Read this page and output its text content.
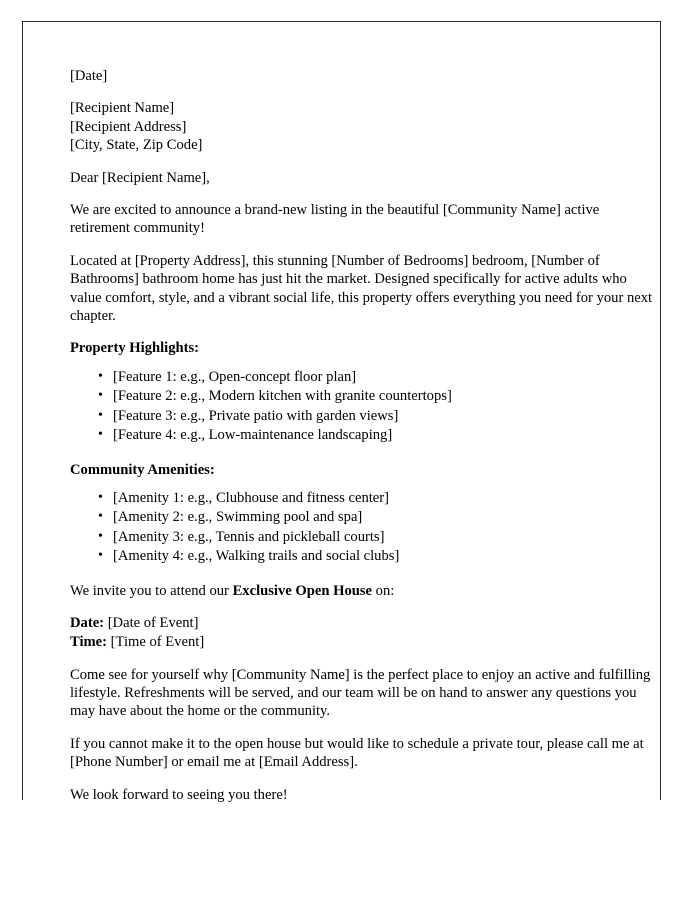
[Date]

[Recipient Name]
[Recipient Address]
[City, State, Zip Code]

Dear [Recipient Name],

We are excited to announce a brand-new listing in the beautiful [Community Name] active retirement community!

Located at [Property Address], this stunning [Number of Bedrooms] bedroom, [Number of Bathrooms] bathroom home has just hit the market. Designed specifically for active adults who value comfort, style, and a vibrant social life, this property offers everything you need for your next chapter.

Property Highlights:
• [Feature 1: e.g., Open-concept floor plan]
• [Feature 2: e.g., Modern kitchen with granite countertops]
• [Feature 3: e.g., Private patio with garden views]
• [Feature 4: e.g., Low-maintenance landscaping]
Community Amenities:
• [Amenity 1: e.g., Clubhouse and fitness center]
• [Amenity 2: e.g., Swimming pool and spa]
• [Amenity 3: e.g., Tennis and pickleball courts]
• [Amenity 4: e.g., Walking trails and social clubs]

We invite you to attend our Exclusive Open House on:

Date: [Date of Event]
Time: [Time of Event]

Come see for yourself why [Community Name] is the perfect place to enjoy an active and fulfilling lifestyle. Refreshments will be served, and our team will be on hand to answer any questions you may have about the home or the community.

If you cannot make it to the open house but would like to schedule a private tour, please call me at [Phone Number] or email me at [Email Address].

We look forward to seeing you there!
